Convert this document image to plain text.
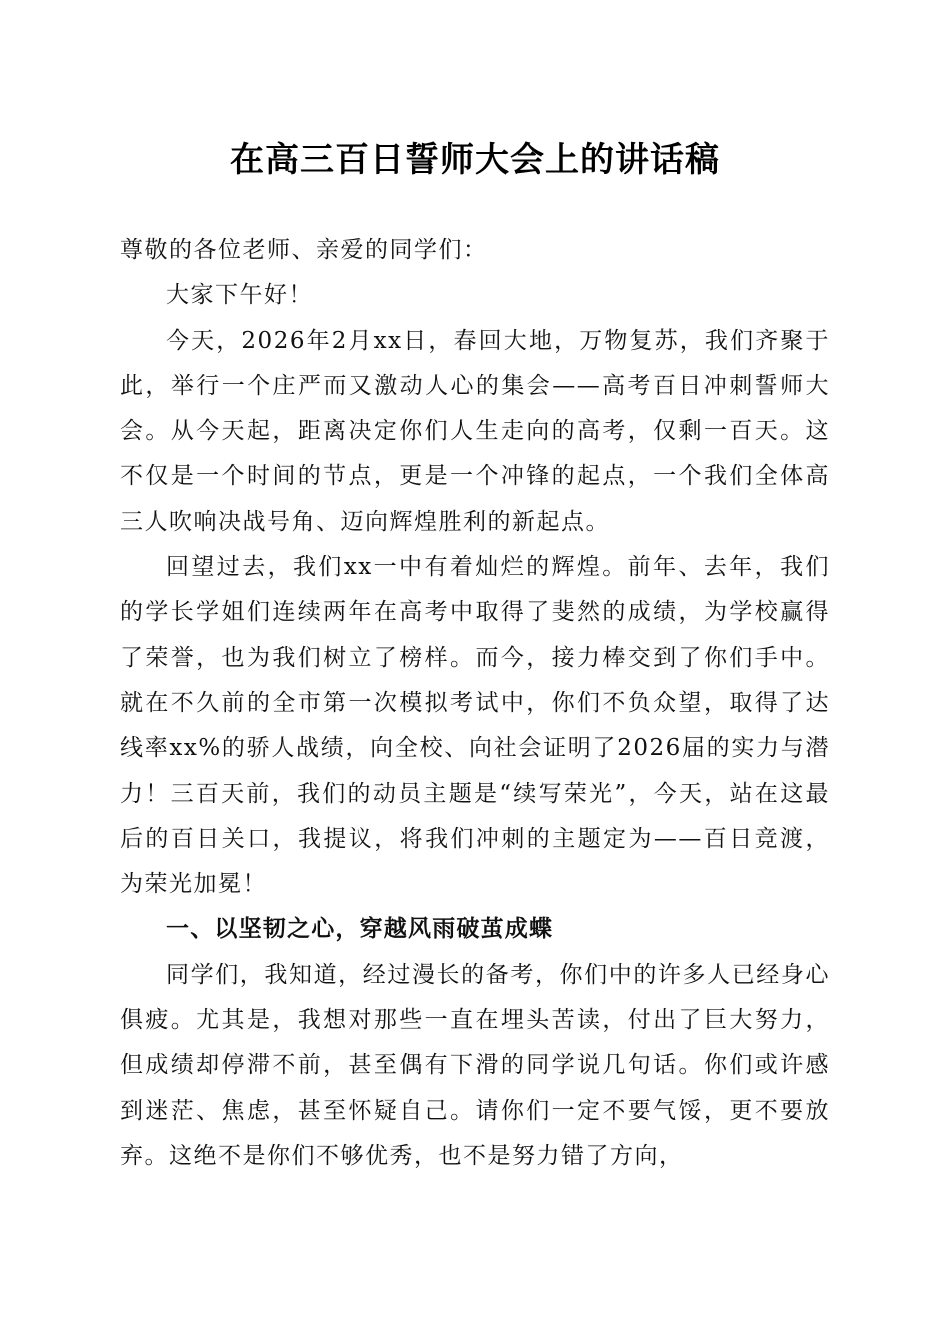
在高三百日誓师大会上的讲话稿

尊敬的各位老师、亲爱的同学们：

大家下午好！

今天，2026年2月xx日，春回大地，万物复苏，我们齐聚于此，举行一个庄严而又激动人心的集会——高考百日冲刺誓师大会。从今天起，距离决定你们人生走向的高考，仅剩一百天。这不仅是一个时间的节点，更是一个冲锋的起点，一个我们全体高三人吹响决战号角、迈向辉煌胜利的新起点。

回望过去，我们xx一中有着灿烂的辉煌。前年、去年，我们的学长学姐们连续两年在高考中取得了斐然的成绩，为学校赢得了荣誉，也为我们树立了榜样。而今，接力棒交到了你们手中。就在不久前的全市第一次模拟考试中，你们不负众望，取得了达线率xx%的骄人战绩，向全校、向社会证明了2026届的实力与潜力！三百天前，我们的动员主题是“续写荣光”，今天，站在这最后的百日关口，我提议，将我们冲刺的主题定为——百日竞渡，为荣光加冕！

一、以坚韧之心，穿越风雨破茧成蝶

同学们，我知道，经过漫长的备考，你们中的许多人已经身心俱疲。尤其是，我想对那些一直在埋头苦读，付出了巨大努力，但成绩却停滞不前，甚至偶有下滑的同学说几句话。你们或许感到迷茫、焦虑，甚至怀疑自己。请你们一定不要气馁，更不要放弃。这绝不是你们不够优秀，也不是努力错了方向，
